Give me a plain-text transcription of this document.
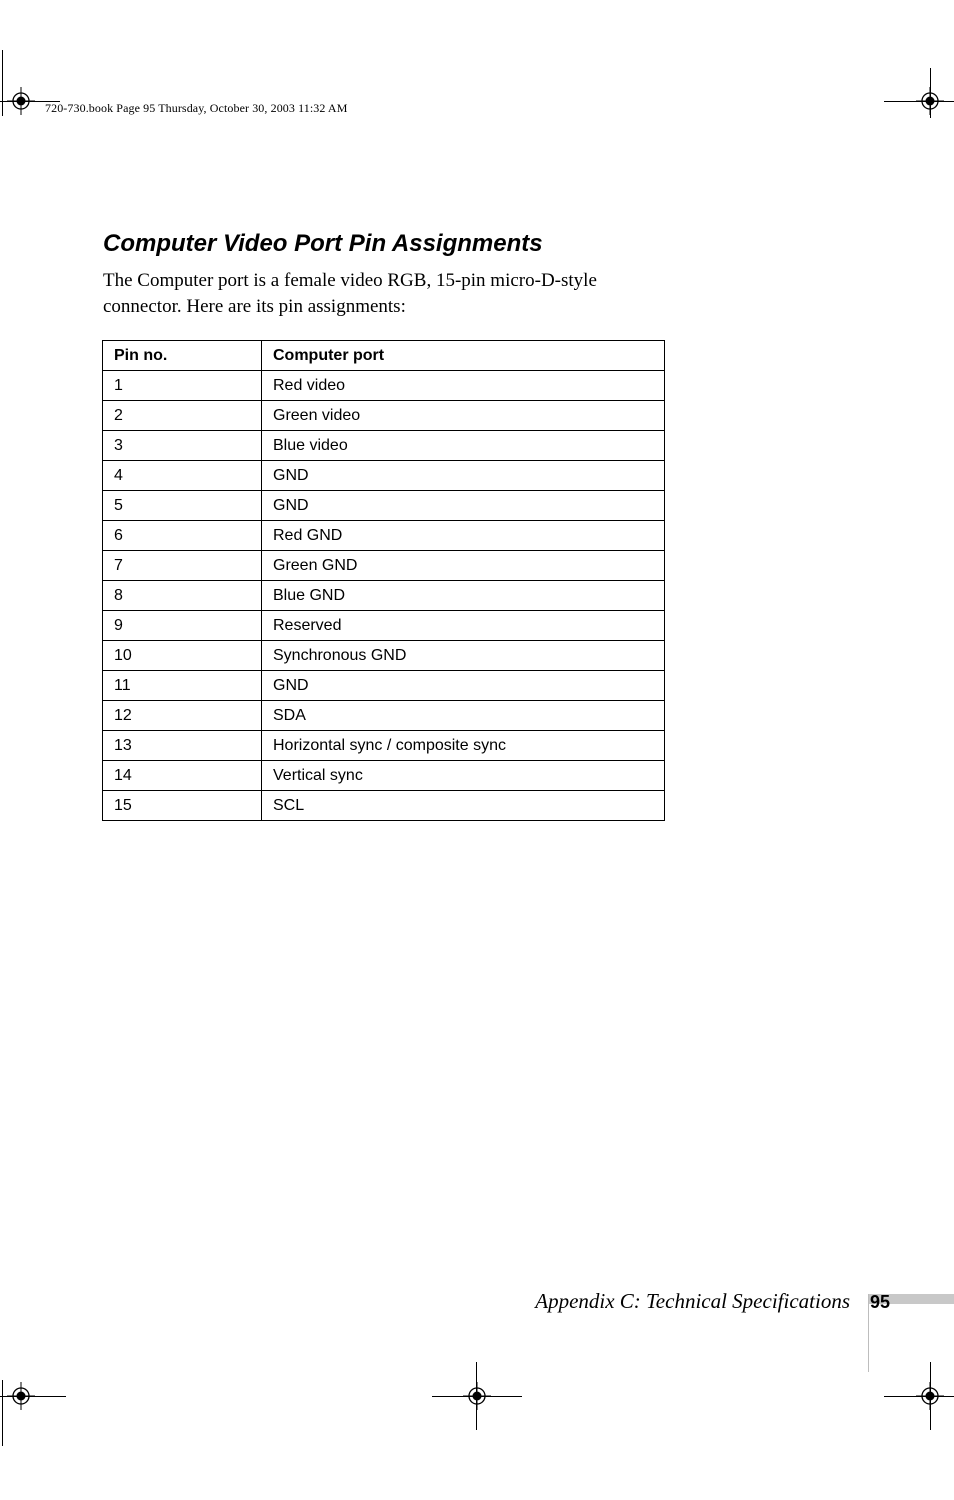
720-730.book Page 95 Thursday, October 30, 2003 11:32 AM
Computer Video Port Pin Assignments

The Computer port is a female video RGB, 15-pin micro-D-style connector. Here are its pin assignments:

Pin no.	Computer port
1	Red video
2	Green video
3	Blue video
4	GND
5	GND
6	Red GND
7	Green GND
8	Blue GND
9	Reserved
10	Synchronous GND
11	GND
12	SDA
13	Horizontal sync / composite sync
14	Vertical sync
15	SCL
Appendix C: Technical Specifications 95
